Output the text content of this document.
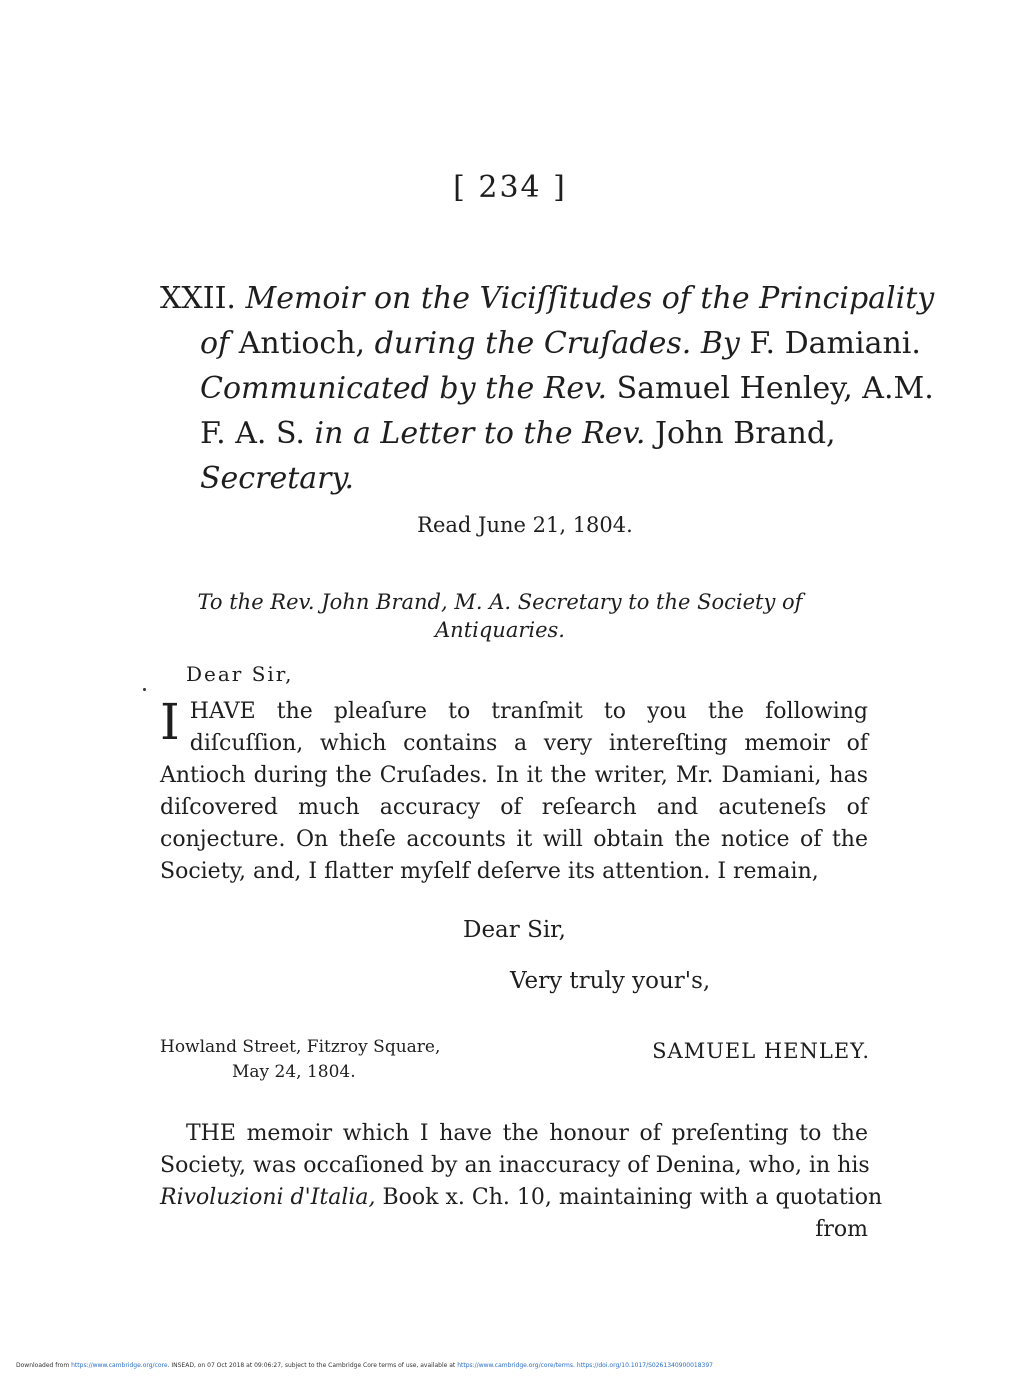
[ 234 ]
XXII. Memoir on the Viciſſitudes of the Principality
of Antioch, during the Cruſades. By F. Damiani.
Communicated by the Rev. Samuel Henley, A.M.
F. A. S. in a Letter to the Rev. John Brand,
Secretary.
Read June 21, 1804.
To the Rev. John Brand, M. A. Secretary to the Society of
Antiquaries.
Dear Sir,
I HAVE the pleaſure to tranſmit to you the following diſcuſſion, which contains a very intereſting memoir of Antioch during the Cruſades. In it the writer, Mr. Damiani, has diſcovered much accuracy of reſearch and acuteneſs of conjecture. On theſe accounts it will obtain the notice of the Society, and, I flatter myſelf deſerve its attention. I remain,
Dear Sir,
Very truly your's,
Howland Street, Fitzroy Square,
May 24, 1804.
SAMUEL HENLEY.
THE memoir which I have the honour of preſenting to the
Society, was occaſioned by an inaccuracy of Denina, who, in his
Rivoluzioni d'Italia, Book x. Ch. 10, maintaining with a quotation
from
Downloaded from https://www.cambridge.org/core. INSEAD, on 07 Oct 2018 at 09:06:27, subject to the Cambridge Core terms of use, available at https://www.cambridge.org/core/terms. https://doi.org/10.1017/S0261340900018397
